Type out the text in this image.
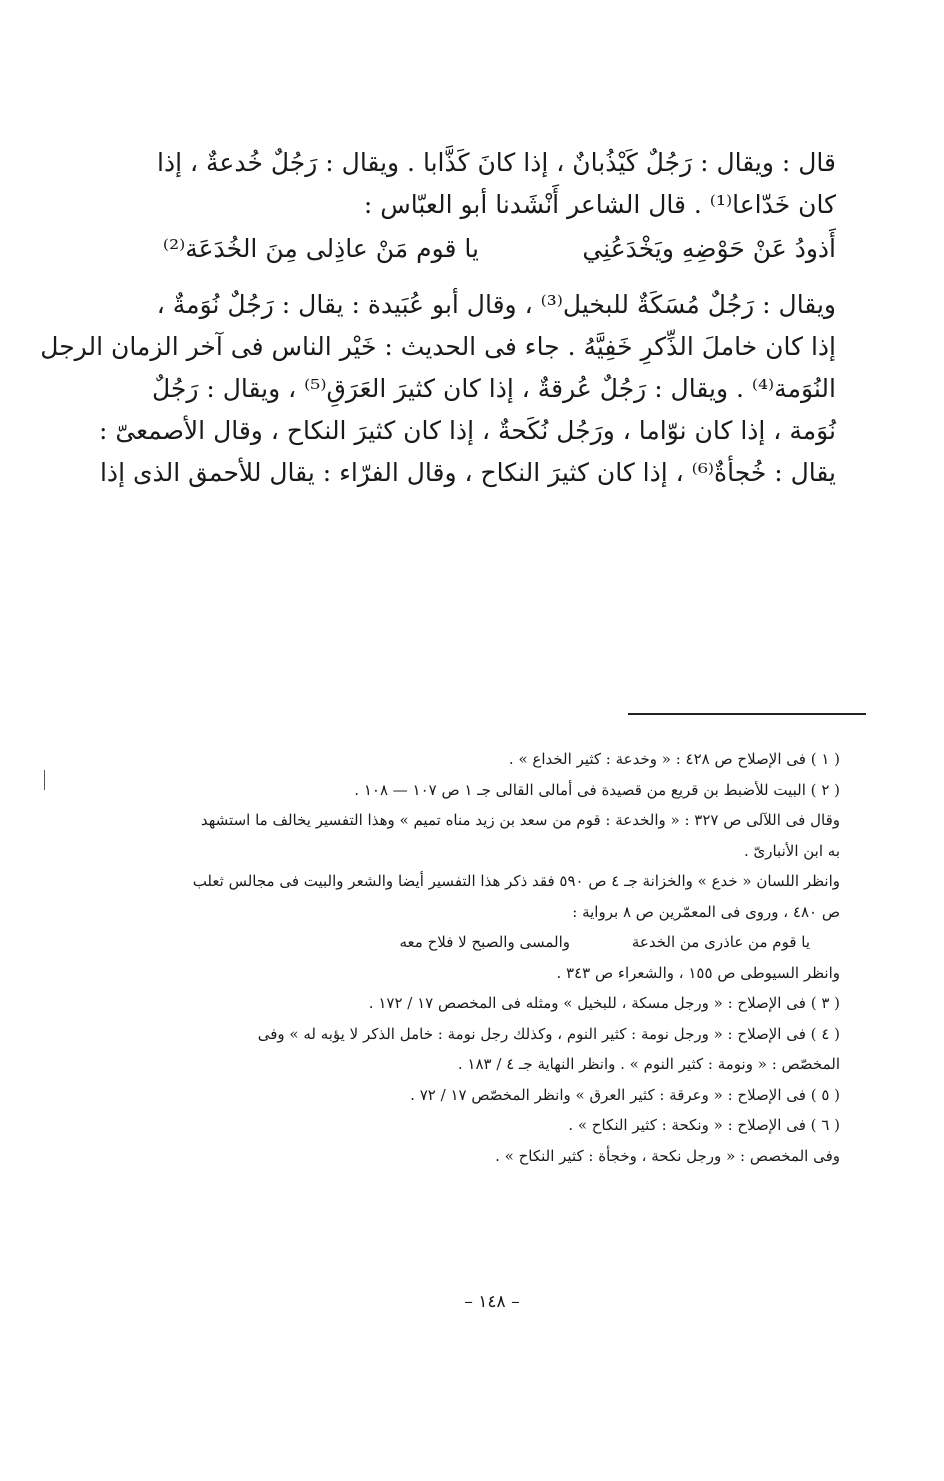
قال : ويقال : رَجُلٌ كَيْذُبانٌ ، إذا كانَ كَذَّابا . ويقال : رَجُلٌ خُدعةٌ ، إذا
كان خَدّاعا⁽¹⁾ . قال الشاعر أَنْشَدنا أبو العبّاس :
أَذودُ عَنْ حَوْضِهِ ويَخْدَعُنِي
يا قوم مَنْ عاذِلى مِنَ الخُدَعَة⁽²⁾
ويقال : رَجُلٌ مُسَكَةٌ للبخيل⁽³⁾ ، وقال أبو عُبَيدة : يقال : رَجُلٌ نُوَمةٌ ،
إذا كان خاملَ الذِّكرِ خَفِيَّهُ . جاء فى الحديث : خَيْر الناس فى آخر الزمان الرجل
النُوَمة⁽⁴⁾ . ويقال : رَجُلٌ عُرقةٌ ، إذا كان كثيرَ العَرَقِ⁽⁵⁾ ، ويقال : رَجُلٌ
نُوَمة ، إذا كان نوّاما ، ورَجُل نُكَحةٌ ، إذا كان كثيرَ النكاح ، وقال الأصمعىّ :
يقال : خُجأةٌ⁽⁶⁾ ، إذا كان كثيرَ النكاح ، وقال الفرّاء : يقال للأحمق الذى إذا
( ١ ) فى الإصلاح ص ٤٢٨ : « وخدعة : كثير الخداع » .
( ٢ ) البيت للأضبط بن قريع من قصيدة فى أمالى القالى جـ ١ ص ١٠٧ — ١٠٨ .
وقال فى اللآلى ص ٣٢٧ : « والخدعة : قوم من سعد بن زيد مناه تميم » وهذا التفسير يخالف ما استشهد
به ابن الأنبارىّ .
وانظر اللسان « خدع » والخزانة جـ ٤ ص ٥٩٠ فقد ذكر هذا التفسير أيضا والشعر والبيت فى مجالس ثعلب
ص ٤٨٠ ، وروى فى المعمّرين ص ٨ برواية :
يا قوم من عاذرى من الخدعة
والمسى والصبح لا فلاح معه
وانظر السيوطى ص ١٥٥ ، والشعراء ص ٣٤٣ .
( ٣ ) فى الإصلاح : « ورجل مسكة ، للبخيل » ومثله فى المخصص ١٧ / ١٧٢ .
( ٤ ) فى الإصلاح : « ورجل نومة : كثير النوم ، وكذلك رجل نومة : خامل الذكر لا يؤبه له » وفى
المخصّص : « ونومة : كثير النوم » . وانظر النهاية جـ ٤ / ١٨٣ .
( ٥ ) فى الإصلاح : « وعرقة : كثير العرق » وانظر المخصّص ١٧ / ٧٢ .
( ٦ ) فى الإصلاح : « ونكحة : كثير النكاح » .
وفى المخصص : « ورجل نكحة ، وخجأة : كثير النكاح » .
– ١٤٨ –
